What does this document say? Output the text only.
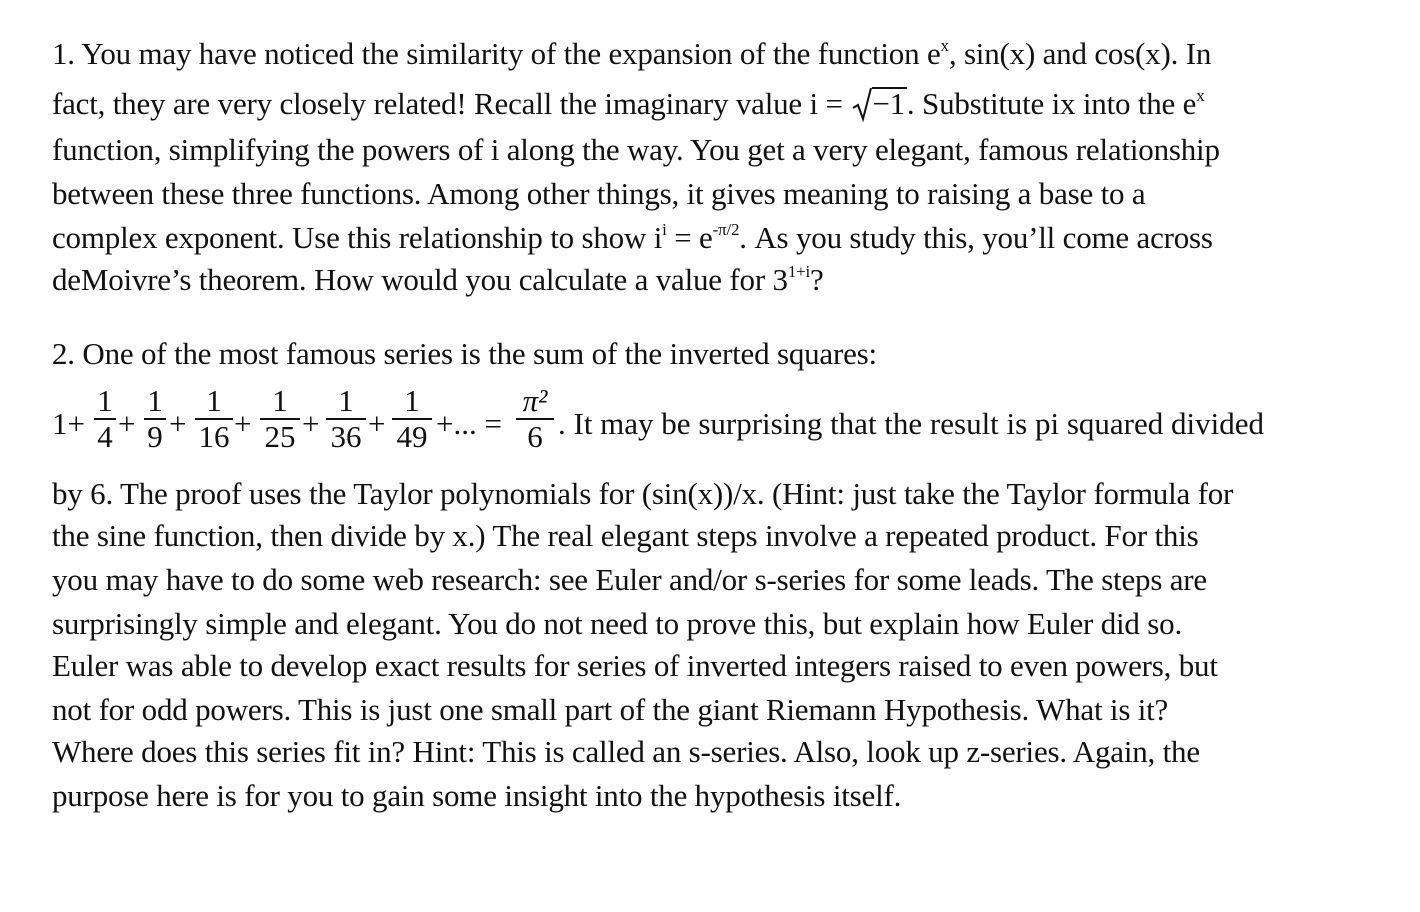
1. You may have noticed the similarity of the expansion of the function $e^x$, sin(x) and cos(x). In
fact, they are very closely related! Recall the imaginary value i =
−1. Substitute ix into the $e^x$
function, simplifying the powers of i along the way. You get a very elegant, famous relationship
between these three functions. Among other things, it gives meaning to raising a base to a
complex exponent. Use this relationship to show $i^i = e^{-\pi/2}$. As you study this, you’ll come across
deMoivre’s theorem. How would you calculate a value for $3^{1+i}$?
2. One of the most famous series is the sum of the inverted squares:
1+
1
4 +
1
9 +
1
16 +
1
25 +
1
36 +
1
49 +... =
π²
6 . It may be surprising that the result is pi squared divided
by 6. The proof uses the Taylor polynomials for (sin(x))/x. (Hint: just take the Taylor formula for
the sine function, then divide by x.) The real elegant steps involve a repeated product. For this
you may have to do some web research: see Euler and/or s-series for some leads. The steps are
surprisingly simple and elegant. You do not need to prove this, but explain how Euler did so.
Euler was able to develop exact results for series of inverted integers raised to even powers, but
not for odd powers. This is just one small part of the giant Riemann Hypothesis. What is it?
Where does this series fit in? Hint: This is called an s-series. Also, look up z-series. Again, the
purpose here is for you to gain some insight into the hypothesis itself.
